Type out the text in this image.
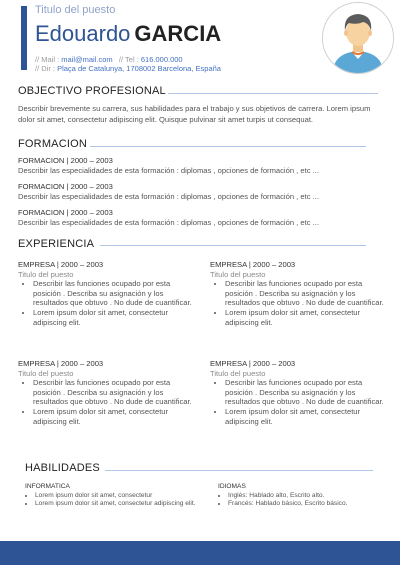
Titulo del puesto
Edouardo GARCIA
// Mail : mail@mail.com // Tel : 616.000.000
// Dir : Plaça de Catalunya, 1708002 Barcelona, España
OBJECTIVO PROFESIONAL
Describir brevemente su carrera, sus habilidades para el trabajo y sus objetivos de carrera. Lorem ipsum dolor sit amet, consectetur adipiscing elit. Quisque pulvinar sit amet turpis ut consequat.
FORMACION
FORMACION | 2000 – 2003
Describir las especialidades de esta formación : diplomas , opciones de formación , etc ...
FORMACION | 2000 – 2003
Describir las especialidades de esta formación : diplomas , opciones de formación , etc ...
FORMACION | 2000 – 2003
Describir las especialidades de esta formación : diplomas , opciones de formación , etc ...
EXPERIENCIA
EMPRESA | 2000 – 2003
Titulo del puesto
• Describir las funciones ocupado por esta posición . Describa su asignación y los resultados que obtuvo . No dude de cuantificar.
• Lorem ipsum dolor sit amet, consectetur adipiscing elit.
EMPRESA | 2000 – 2003
Titulo del puesto
• Describir las funciones ocupado por esta posición . Describa su asignación y los resultados que obtuvo . No dude de cuantificar.
• Lorem ipsum dolor sit amet, consectetur adipiscing elit.
EMPRESA | 2000 – 2003
Titulo del puesto
• Describir las funciones ocupado por esta posición . Describa su asignación y los resultados que obtuvo . No dude de cuantificar.
• Lorem ipsum dolor sit amet, consectetur adipiscing elit.
EMPRESA | 2000 – 2003
Titulo del puesto
• Describir las funciones ocupado por esta posición . Describa su asignación y los resultados que obtuvo . No dude de cuantificar.
• Lorem ipsum dolor sit amet, consectetur adipiscing elit.
HABILIDADES
INFORMATICA
• Lorem ipsum dolor sit amet, consectetur
• Lorem ipsum dolor sit amet, consectetur adipiscing elit.
IDIOMAS
• Inglés: Hablado alto, Escrito alto.
• Francés: Hablado básico, Escrito básico.
